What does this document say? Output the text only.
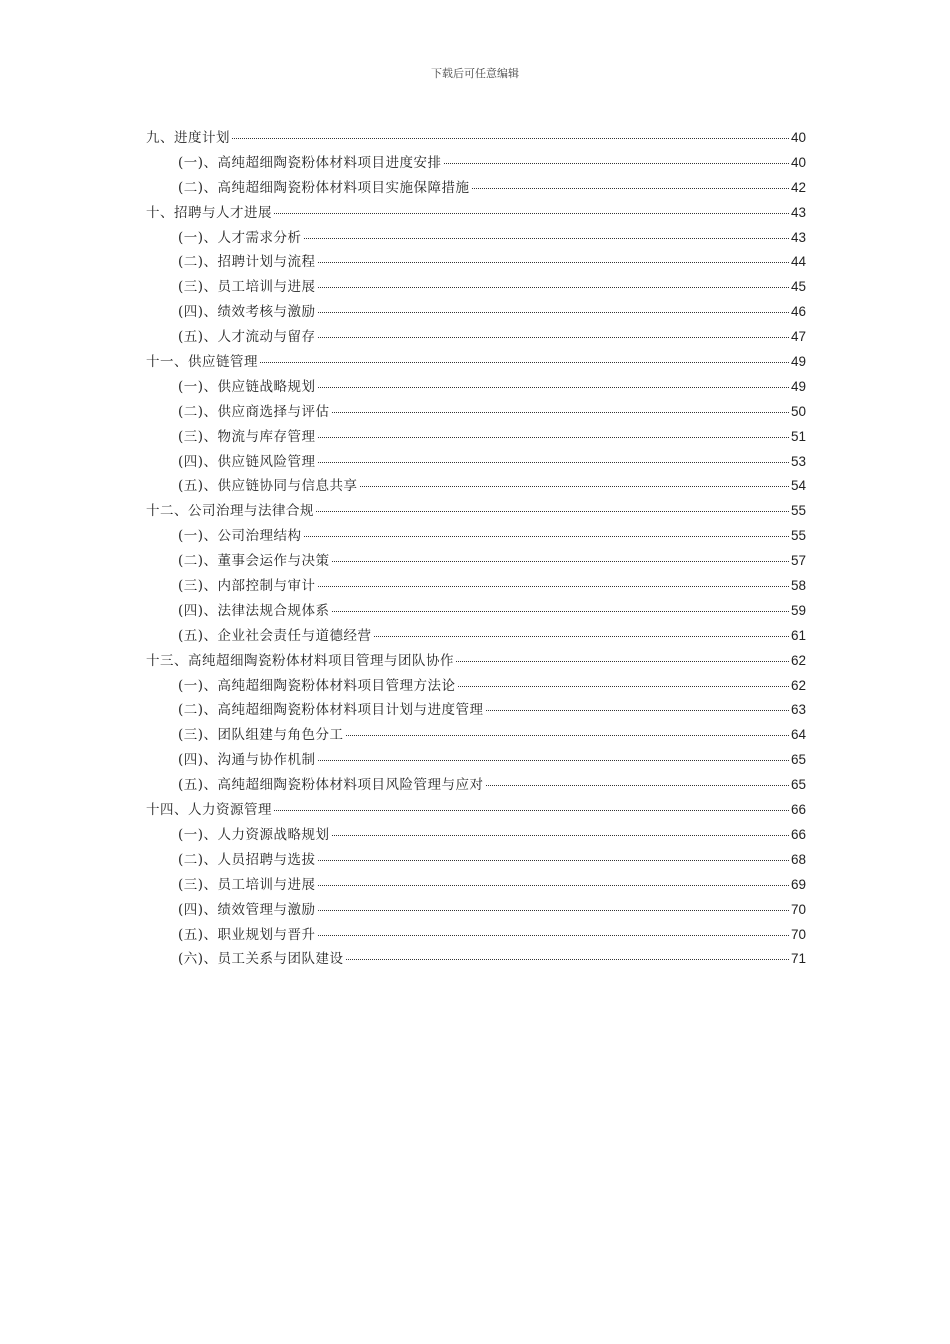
下载后可任意编辑
九、进度计划	40
(一)、高纯超细陶瓷粉体材料项目进度安排	40
(二)、高纯超细陶瓷粉体材料项目实施保障措施	42
十、招聘与人才进展	43
(一)、人才需求分析	43
(二)、招聘计划与流程	44
(三)、员工培训与进展	45
(四)、绩效考核与激励	46
(五)、人才流动与留存	47
十一、供应链管理	49
(一)、供应链战略规划	49
(二)、供应商选择与评估	50
(三)、物流与库存管理	51
(四)、供应链风险管理	53
(五)、供应链协同与信息共享	54
十二、公司治理与法律合规	55
(一)、公司治理结构	55
(二)、董事会运作与决策	57
(三)、内部控制与审计	58
(四)、法律法规合规体系	59
(五)、企业社会责任与道德经营	61
十三、高纯超细陶瓷粉体材料项目管理与团队协作	62
(一)、高纯超细陶瓷粉体材料项目管理方法论	62
(二)、高纯超细陶瓷粉体材料项目计划与进度管理	63
(三)、团队组建与角色分工	64
(四)、沟通与协作机制	65
(五)、高纯超细陶瓷粉体材料项目风险管理与应对	65
十四、人力资源管理	66
(一)、人力资源战略规划	66
(二)、人员招聘与选拔	68
(三)、员工培训与进展	69
(四)、绩效管理与激励	70
(五)、职业规划与晋升	70
(六)、员工关系与团队建设	71
